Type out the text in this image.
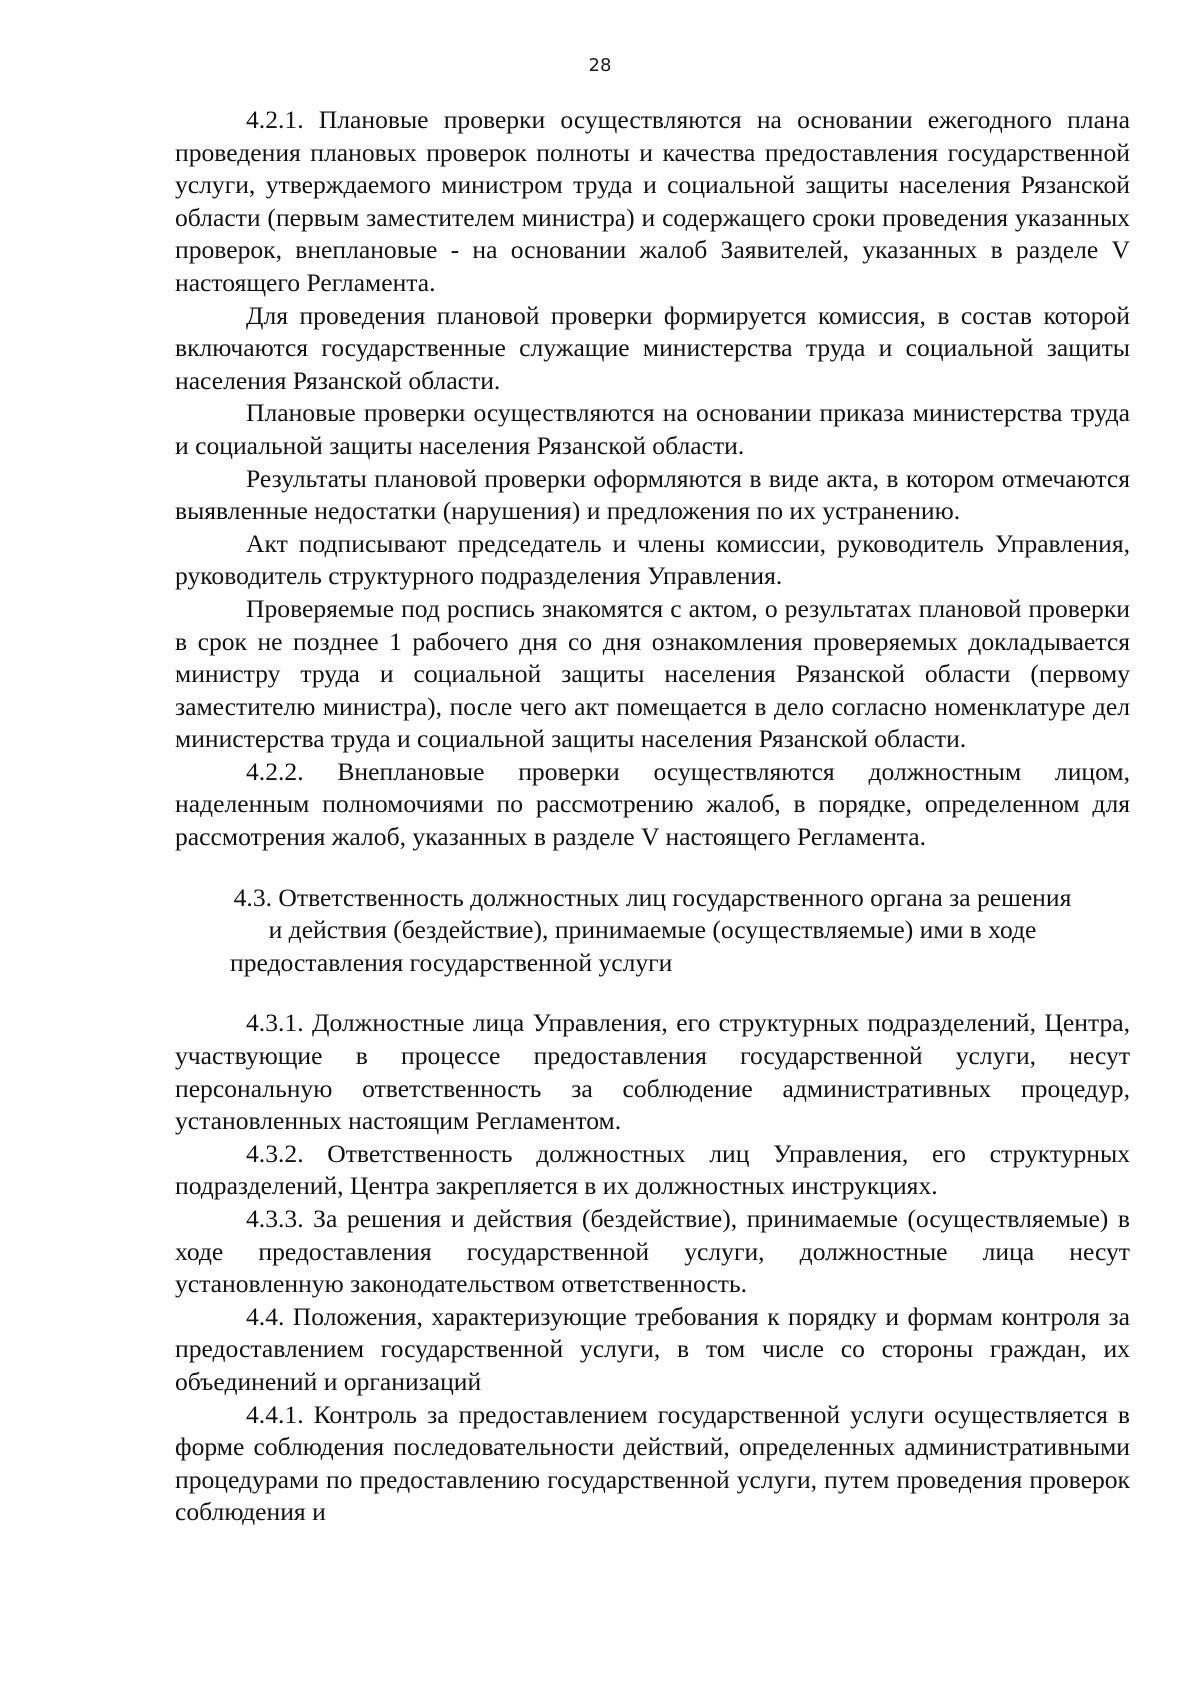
28

4.2.1. Плановые проверки осуществляются на основании ежегодного плана проведения плановых проверок полноты и качества предоставления государственной услуги, утверждаемого министром труда и социальной защиты населения Рязанской области (первым заместителем министра) и содержащего сроки проведения указанных проверок, внеплановые - на основании жалоб Заявителей, указанных в разделе V настоящего Регламента.

Для проведения плановой проверки формируется комиссия, в состав которой включаются государственные служащие министерства труда и социальной защиты населения Рязанской области.

Плановые проверки осуществляются на основании приказа министерства труда и социальной защиты населения Рязанской области.

Результаты плановой проверки оформляются в виде акта, в котором отмечаются выявленные недостатки (нарушения) и предложения по их устранению.

Акт подписывают председатель и члены комиссии, руководитель Управления, руководитель структурного подразделения Управления.

Проверяемые под роспись знакомятся с актом, о результатах плановой проверки в срок не позднее 1 рабочего дня со дня ознакомления проверяемых докладывается министру труда и социальной защиты населения Рязанской области (первому заместителю министра), после чего акт помещается в дело согласно номенклатуре дел министерства труда и социальной защиты населения Рязанской области.

4.2.2. Внеплановые проверки осуществляются должностным лицом, наделенным полномочиями по рассмотрению жалоб, в порядке, определенном для рассмотрения жалоб, указанных в разделе V настоящего Регламента.

4.3. Ответственность должностных лиц государственного органа за решения и действия (бездействие), принимаемые (осуществляемые) ими в ходе предоставления государственной услуги

4.3.1. Должностные лица Управления, его структурных подразделений, Центра, участвующие в процессе предоставления государственной услуги, несут персональную ответственность за соблюдение административных процедур, установленных настоящим Регламентом.

4.3.2. Ответственность должностных лиц Управления, его структурных подразделений, Центра закрепляется в их должностных инструкциях.

4.3.3. За решения и действия (бездействие), принимаемые (осуществляемые) в ходе предоставления государственной услуги, должностные лица несут установленную законодательством ответственность.

4.4. Положения, характеризующие требования к порядку и формам контроля за предоставлением государственной услуги, в том числе со стороны граждан, их объединений и организаций

4.4.1. Контроль за предоставлением государственной услуги осуществляется в форме соблюдения последовательности действий, определенных административными процедурами по предоставлению государственной услуги, путем проведения проверок соблюдения и
